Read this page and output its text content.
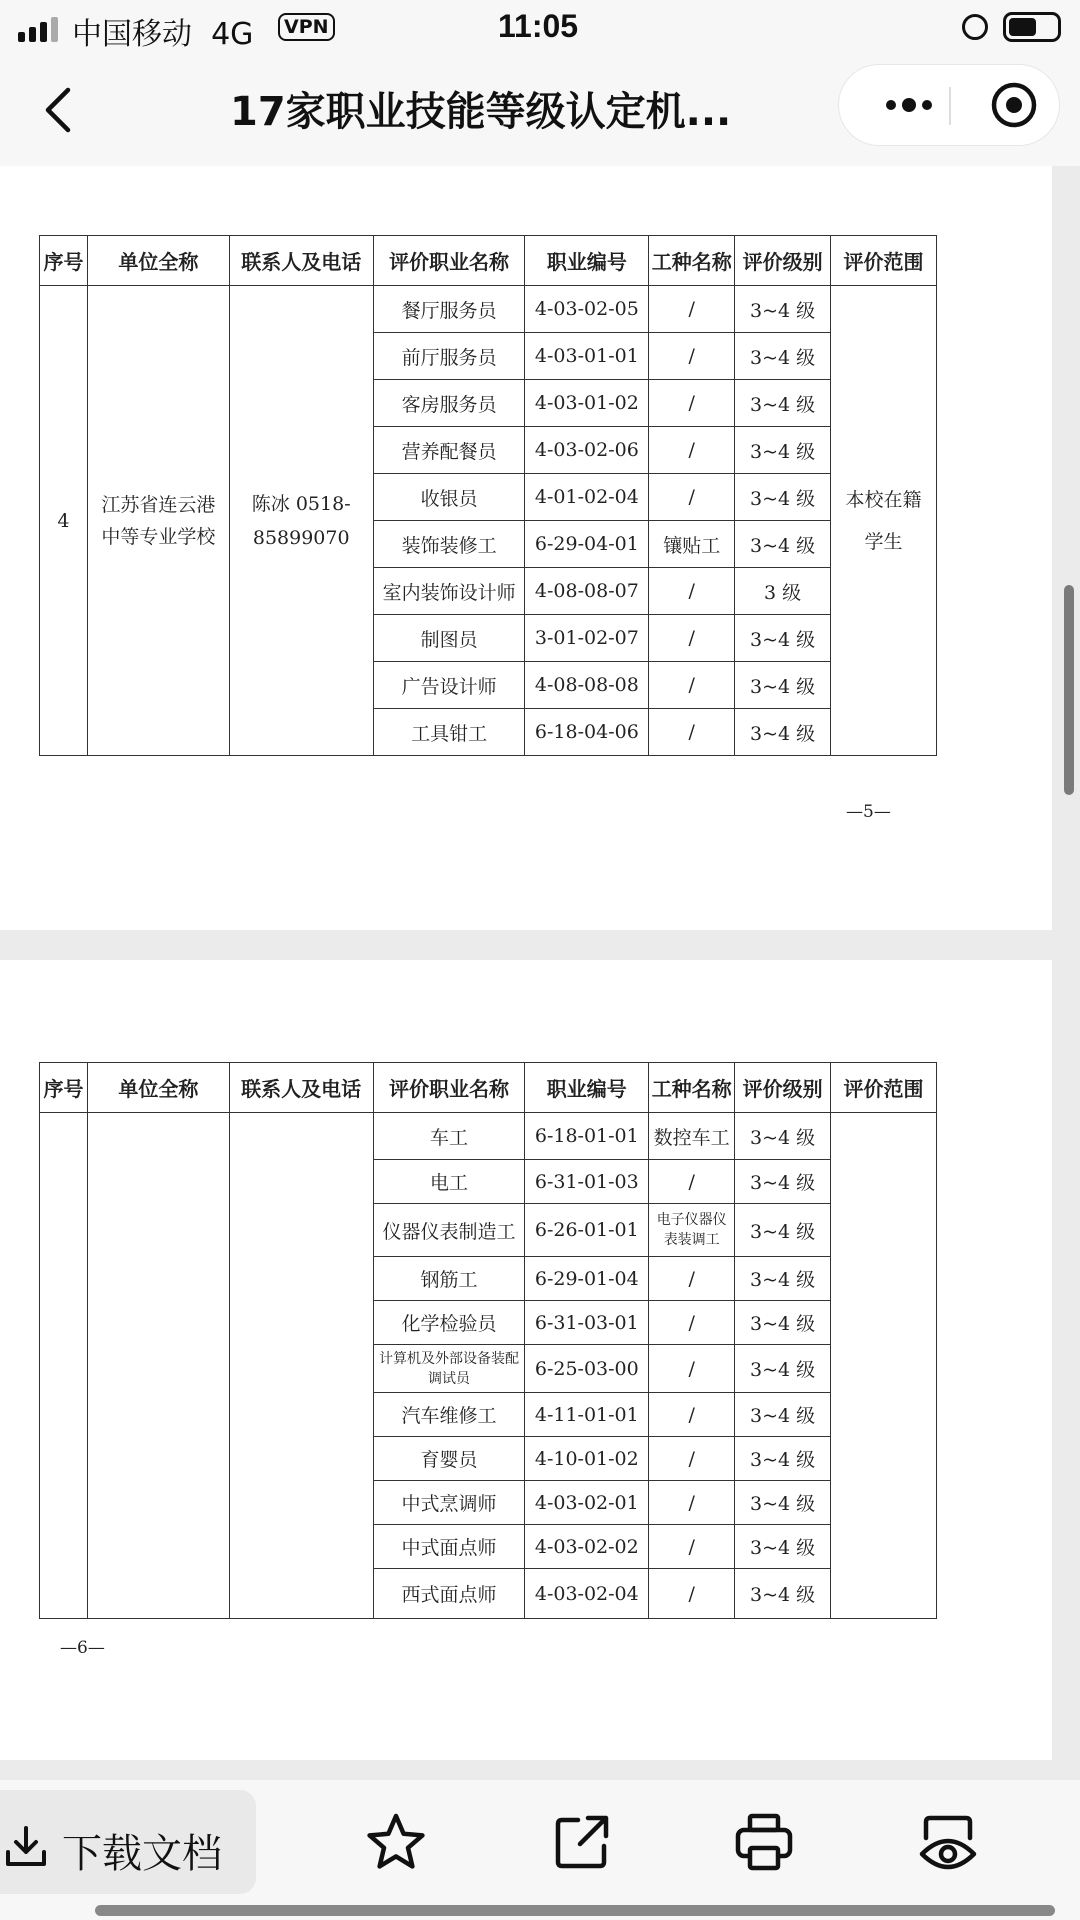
中国移动 4G	VPN	11:05
17家职业技能等级认定机...
序号	单位全称	联系人及电话	评价职业名称	职业编号	工种名称	评价级别	评价范围
4	江苏省连云港中等专业学校	陈冰 0518-85899070	餐厅服务员	4-03-02-05	/	3~4 级	本校在籍学生
			前厅服务员	4-03-01-01	/	3~4 级	
			客房服务员	4-03-01-02	/	3~4 级	
			营养配餐员	4-03-02-06	/	3~4 级	
			收银员	4-01-02-04	/	3~4 级	
			装饰装修工	6-29-04-01	镶贴工	3~4 级	
			室内装饰设计师	4-08-08-07	/	3 级	
			制图员	3-01-02-07	/	3~4 级	
			广告设计师	4-08-08-08	/	3~4 级	
			工具钳工	6-18-04-06	/	3~4 级	
—5—
序号	单位全称	联系人及电话	评价职业名称	职业编号	工种名称	评价级别	评价范围
			车工	6-18-01-01	数控车工	3~4 级	
			电工	6-31-01-03	/	3~4 级	
			仪器仪表制造工	6-26-01-01	电子仪器仪表装调工	3~4 级	
			钢筋工	6-29-01-04	/	3~4 级	
			化学检验员	6-31-03-01	/	3~4 级	
			计算机及外部设备装配调试员	6-25-03-00	/	3~4 级	
			汽车维修工	4-11-01-01	/	3~4 级	
			育婴员	4-10-01-02	/	3~4 级	
			中式烹调师	4-03-02-01	/	3~4 级	
			中式面点师	4-03-02-02	/	3~4 级	
			西式面点师	4-03-02-04	/	3~4 级	
—6—
下载文档
